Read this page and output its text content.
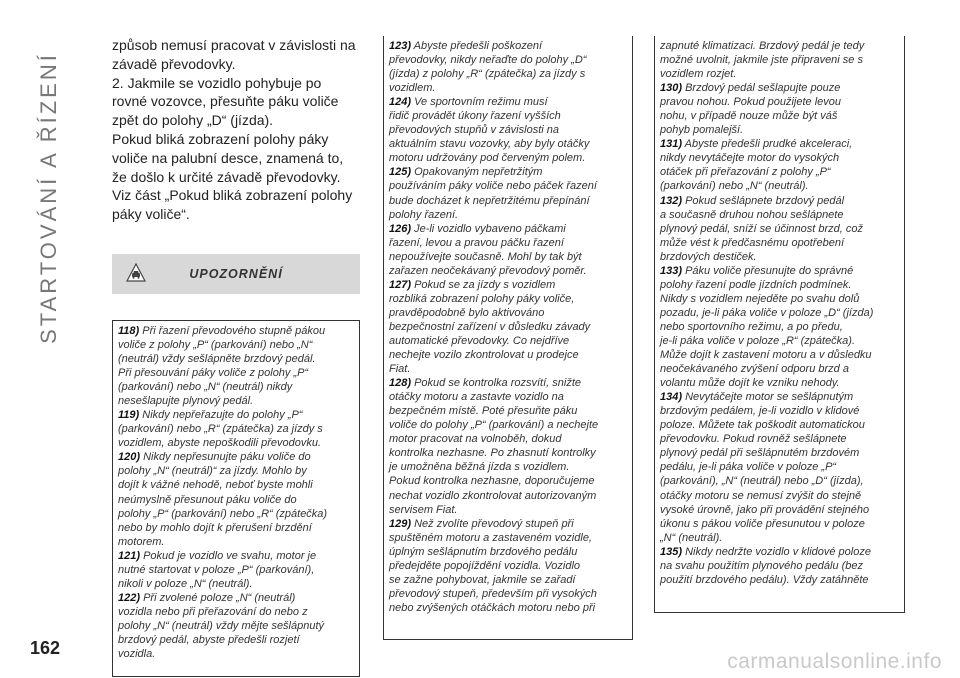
STARTOVÁNÍ A ŘÍZENÍ

způsob nemusí pracovat v závislosti na

závadě převodovky.

2. Jakmile se vozidlo pohybuje po

rovné vozovce, přesuňte páku voliče

zpět do polohy „D“ (jízda).

Pokud bliká zobrazení polohy páky

voliče na palubní desce, znamená to,

že došlo k určité závadě převodovky.

Viz část „Pokud bliká zobrazení polohy

páky voliče“.

UPOZORNĚNÍ
118) Při řazení převodového stupně pákou
voliče z polohy „P“ (parkování) nebo „N“
(neutrál) vždy sešlápněte brzdový pedál.
Při přesouvání páky voliče z polohy „P“
(parkování) nebo „N“ (neutrál) nikdy
nesešlapujte plynový pedál.
119) Nikdy nepřeřazujte do polohy „P“
(parkování) nebo „R“ (zpátečka) za jízdy s
vozidlem, abyste nepoškodili převodovku.
120) Nikdy nepřesunujte páku voliče do
polohy „N“ (neutrál)“ za jízdy. Mohlo by
dojít k vážné nehodě, neboť byste mohli
neúmyslně přesunout páku voliče do
polohy „P“ (parkování) nebo „R“ (zpátečka)
nebo by mohlo dojít k přerušení brzdění
motorem.
121) Pokud je vozidlo ve svahu, motor je
nutné startovat v poloze „P“ (parkování),
nikoli v poloze „N“ (neutrál).
122) Při zvolené poloze „N“ (neutrál)
vozidla nebo při přeřazování do nebo z
polohy „N“ (neutrál) vždy mějte sešlápnutý
brzdový pedál, abyste předešli rozjetí
vozidla.
123) Abyste předešli poškození
převodovky, nikdy neřaďte do polohy „D“
(jízda) z polohy „R“ (zpátečka) za jízdy s
vozidlem.
124) Ve sportovním režimu musí
řidič provádět úkony řazení vyšších
převodových stupňů v závislosti na
aktuálním stavu vozovky, aby byly otáčky
motoru udržovány pod červeným polem.
125) Opakovaným nepřetržitým
používáním páky voliče nebo páček řazení
bude docházet k nepřetržitému přepínání
polohy řazení.
126) Je-li vozidlo vybaveno páčkami
řazení, levou a pravou páčku řazení
nepoužívejte současně. Mohl by tak být
zařazen neočekávaný převodový poměr.
127) Pokud se za jízdy s vozidlem
rozbliká zobrazení polohy páky voliče,
pravděpodobně bylo aktivováno
bezpečnostní zařízení v důsledku závady
automatické převodovky. Co nejdříve
nechejte vozilo zkontrolovat u prodejce
Fiat.
128) Pokud se kontrolka rozsvítí, snižte
otáčky motoru a zastavte vozidlo na
bezpečném místě. Poté přesuňte páku
voliče do polohy „P“ (parkování) a nechejte
motor pracovat na volnoběh, dokud
kontrolka nezhasne. Po zhasnutí kontrolky
je umožněna běžná jízda s vozidlem.
Pokud kontrolka nezhasne, doporučujeme
nechat vozidlo zkontrolovat autorizovaným
servisem Fiat.
129) Než zvolíte převodový stupeň při
spuštěném motoru a zastaveném vozidle,
úplným sešlápnutím brzdového pedálu
předejděte popojíždění vozidla. Vozidlo
se zažne pohybovat, jakmile se zařadí
převodový stupeň, především při vysokých
nebo zvýšených otáčkách motoru nebo při
zapnuté klimatizaci. Brzdový pedál je tedy
možné uvolnit, jakmile jste připraveni se s
vozidlem rozjet.
130) Brzdový pedál sešlapujte pouze
pravou nohou. Pokud použijete levou
nohu, v případě nouze může být váš
pohyb pomalejší.
131) Abyste předešli prudké akceleraci,
nikdy nevytáčejte motor do vysokých
otáček při přeřazování z polohy „P“
(parkování) nebo „N“ (neutrál).
132) Pokud sešlápnete brzdový pedál
a současně druhou nohou sešlápnete
plynový pedál, sníží se účinnost brzd, což
může vést k předčasnému opotřebení
brzdových destiček.
133) Páku voliče přesunujte do správné
polohy řazení podle jízdních podmínek.
Nikdy s vozidlem nejeděte po svahu dolů
pozadu, je-li páka voliče v poloze „D“ (jízda)
nebo sportovního režimu, a po předu,
je-li páka voliče v poloze „R“ (zpátečka).
Může dojít k zastavení motoru a v důsledku
neočekávaného zvýšení odporu brzd a
volantu může dojít ke vzniku nehody.
134) Nevytáčejte motor se sešlápnutým
brzdovým pedálem, je-li vozidlo v klidové
poloze. Můžete tak poškodit automatickou
převodovku. Pokud rovněž sešlápnete
plynový pedál při sešlápnutém brzdovém
pedálu, je-li páka voliče v poloze „P“
(parkování), „N“ (neutrál) nebo „D“ (jízda),
otáčky motoru se nemusí zvýšit do stejně
vysoké úrovně, jako při provádění stejného
úkonu s pákou voliče přesunutou v poloze
„N“ (neutrál).
135) Nikdy nedržte vozidlo v klidové poloze
na svahu použitím plynového pedálu (bez
použití brzdového pedálu). Vždy zatáhněte
162
carmanualsonline.info
